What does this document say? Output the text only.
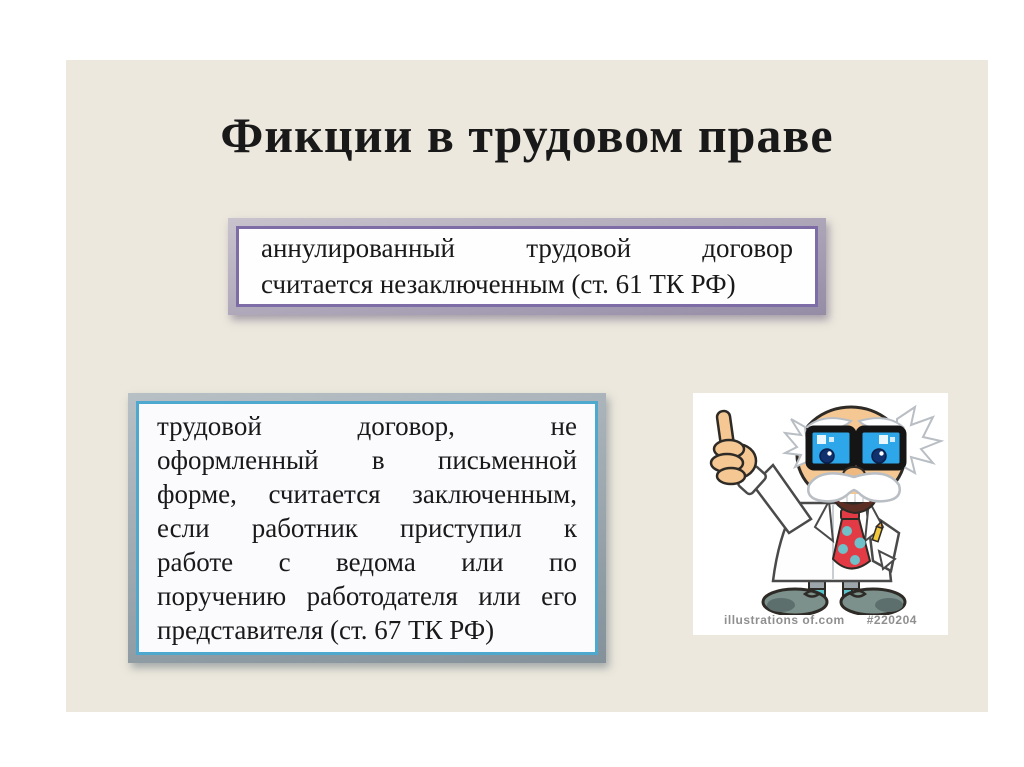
Фикции в трудовом праве
аннулированный трудовой договор
считается незаключенным (ст. 61 ТК РФ)
трудовой договор, не
оформленный в письменной
форме, считается заключенным,
если работник приступил к
работе с ведома или по
поручению работодателя или его
представителя (ст. 67 ТК РФ)	illustrations of.com #220204
